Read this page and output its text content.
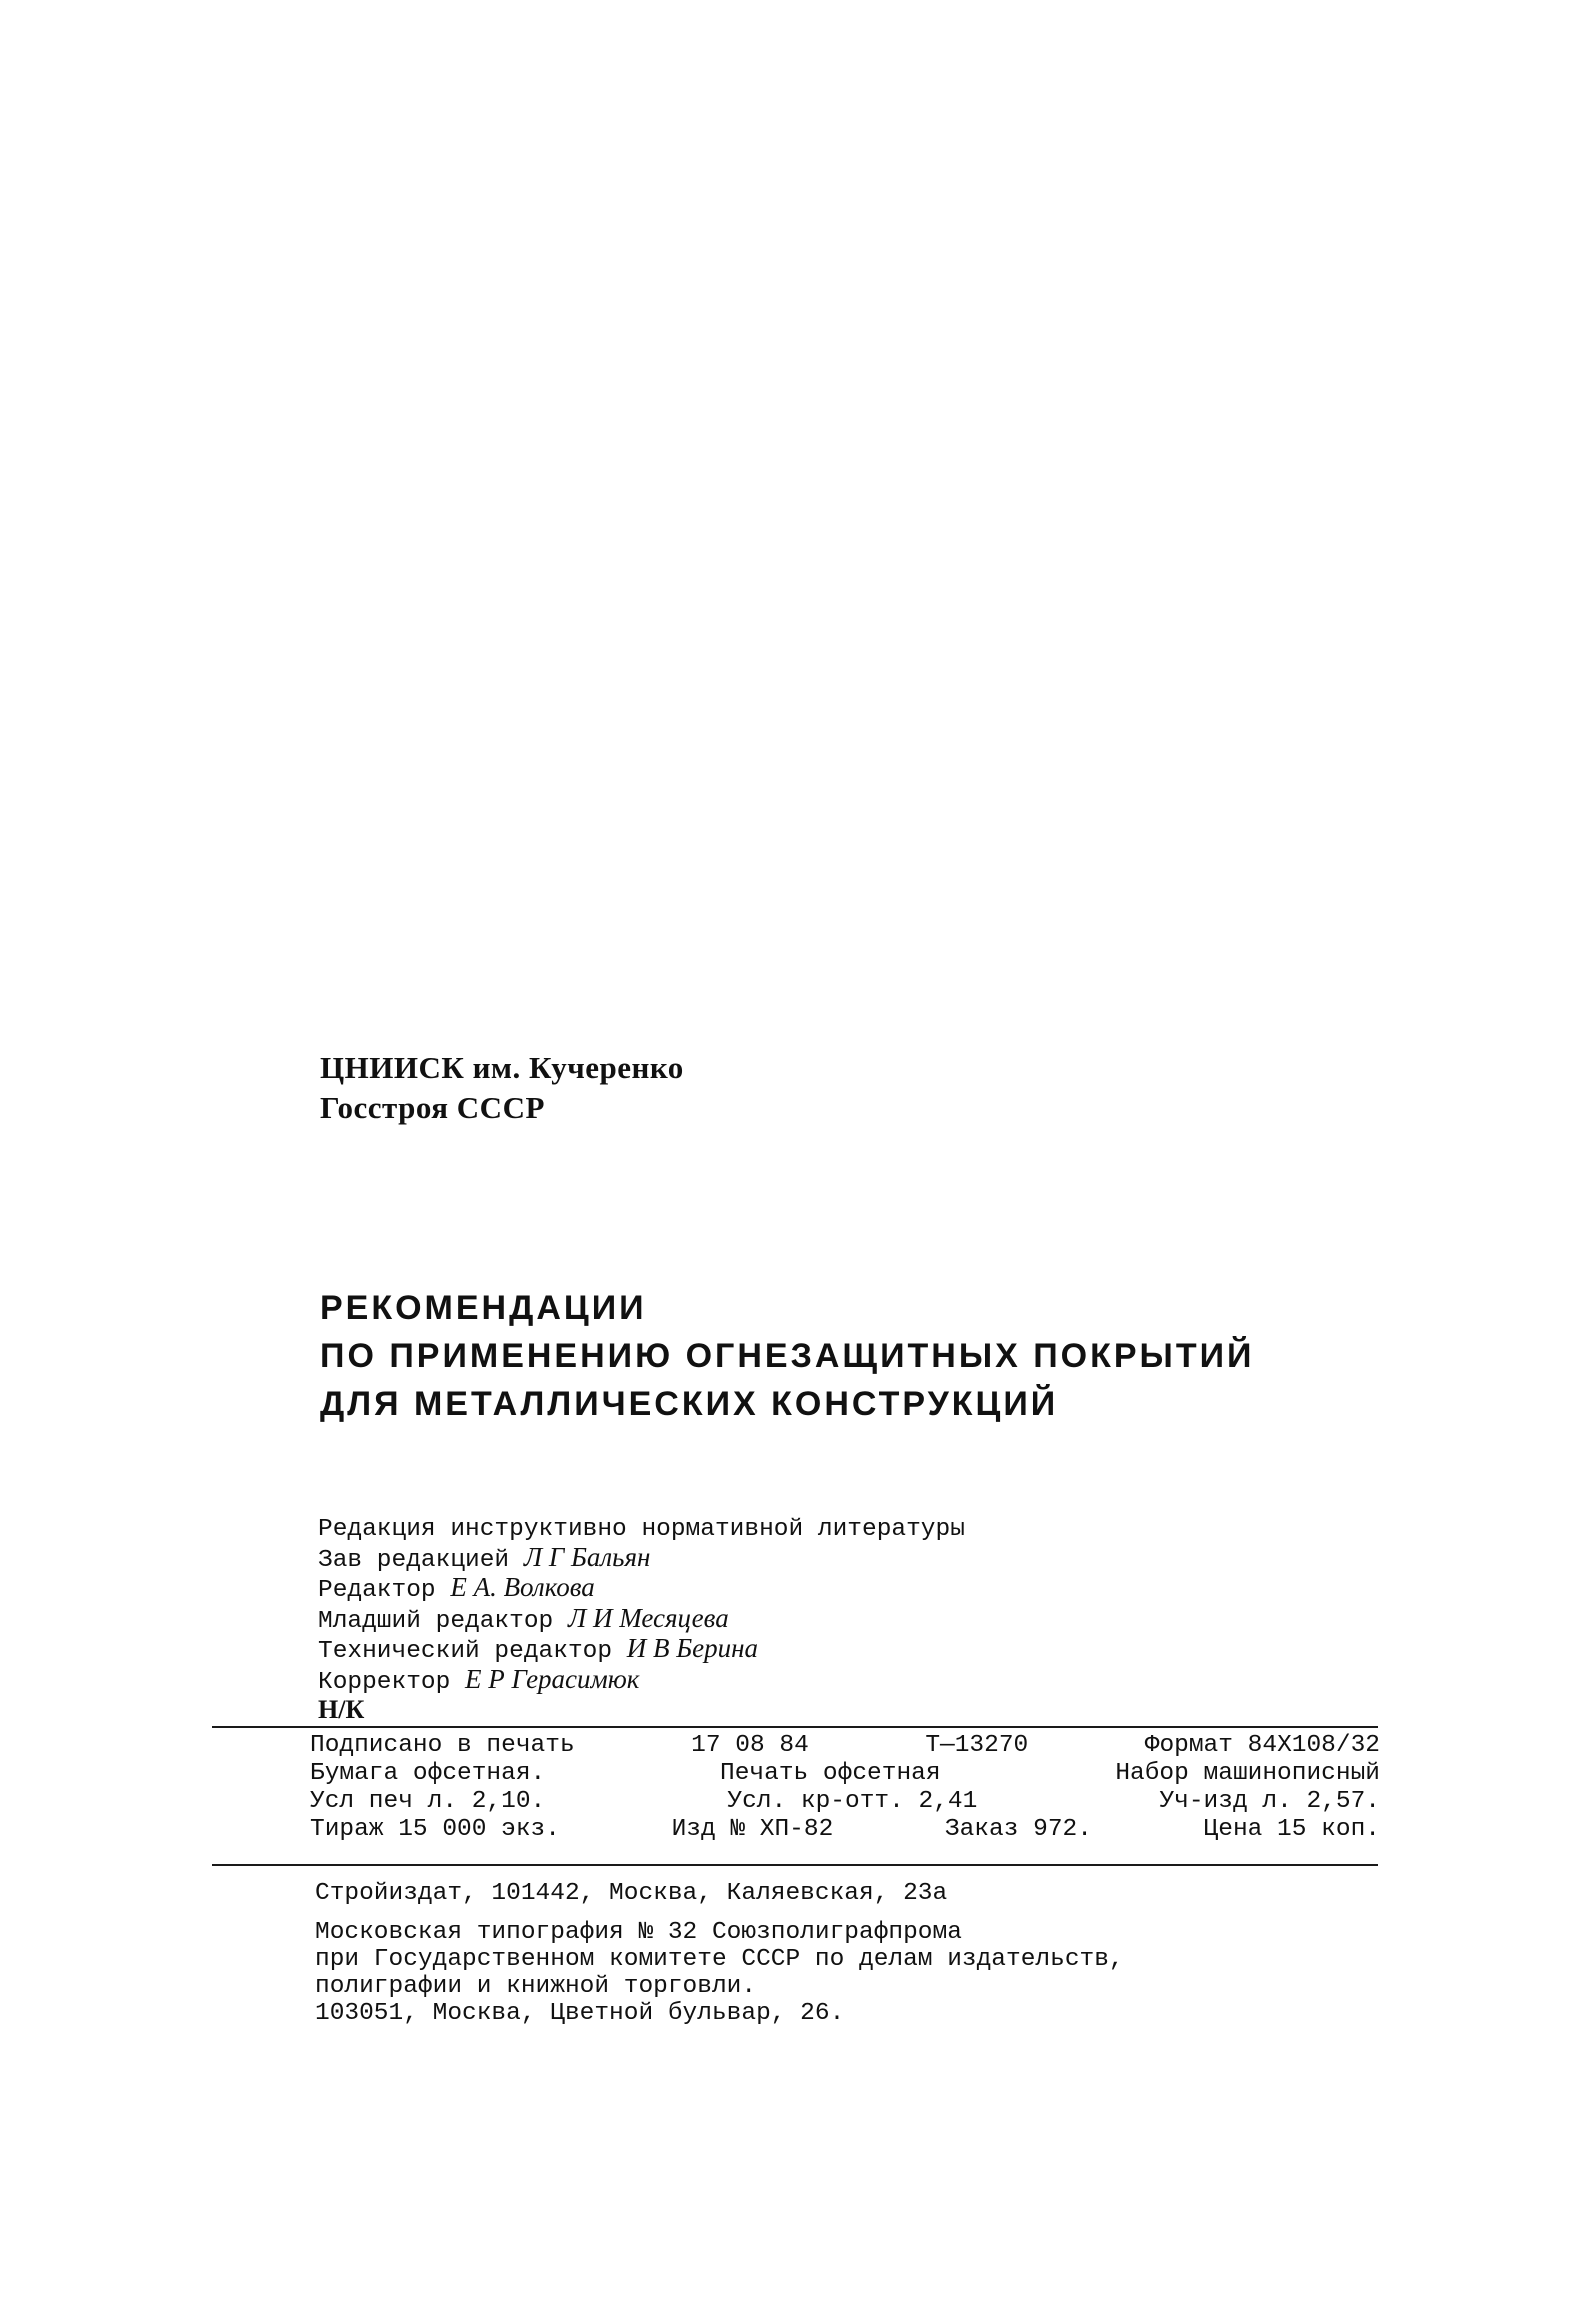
ЦНИИСК им. Кучеренко
Госстроя СССР
РЕКОМЕНДАЦИИ
ПО ПРИМЕНЕНИЮ ОГНЕЗАЩИТНЫХ ПОКРЫТИЙ
ДЛЯ МЕТАЛЛИЧЕСКИХ КОНСТРУКЦИЙ
Редакция инструктивно нормативной литературы
Зав редакцией Л Г Бальян
Редактор Е А. Волкова
Младший редактор Л И Месяцева
Технический редактор И В Берина
Корректор Е Р Герасимюк
Н/К
Подписано в печать	17 08 84	Т—13270	Формат 84Х108/32
Бумага офсетная.	Печать офсетная	Набор машинописный
Усл печ л. 2,10.	Усл. кр-отт. 2,41	Уч-изд л. 2,57.
Тираж 15 000 экз.	Изд № ХП-82	Заказ 972.	Цена 15 коп.
Стройиздат, 101442, Москва, Каляевская, 23а
Московская типография № 32 Союзполиграфпрома
при Государственном комитете СССР по делам издательств,
полиграфии и книжной торговли.
103051, Москва, Цветной бульвар, 26.
